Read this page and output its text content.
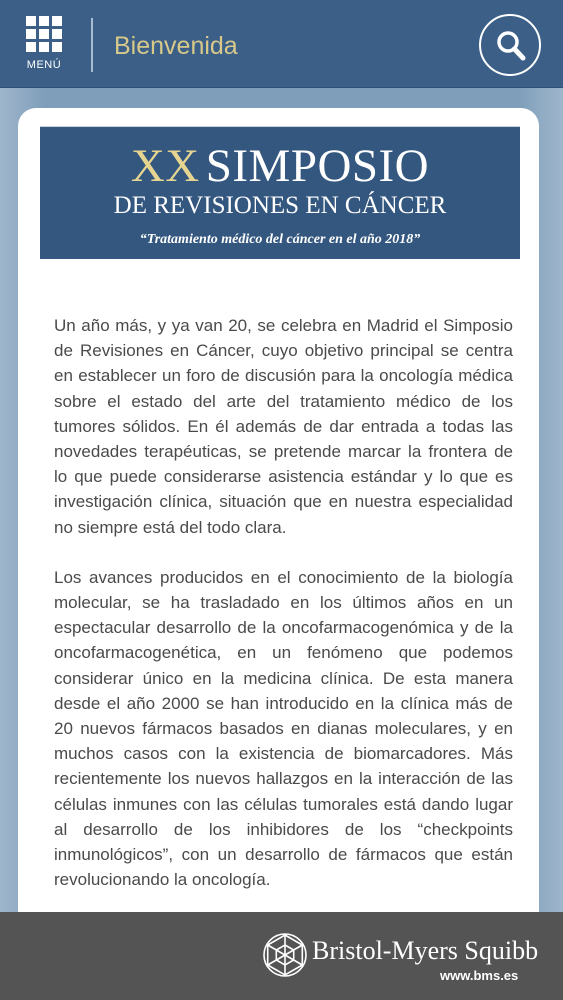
MENÚ
Bienvenida
XX SIMPOSIO
DE REVISIONES EN CÁNCER
“Tratamiento médico del cáncer en el año 2018”

Un año más, y ya van 20, se celebra en Madrid el Simposio de Revisiones en Cáncer, cuyo objetivo principal se centra en establecer un foro de discusión para la oncología médica sobre el estado del arte del tratamiento médico de los tumores sólidos. En él además de dar entrada a todas las novedades terapéuticas, se pretende marcar la frontera de lo que puede considerarse asistencia estándar y lo que es investigación clínica, situación que en nuestra especialidad no siempre está del todo clara.

Los avances producidos en el conocimiento de la biología molecular, se ha trasladado en los últimos años en un espectacular desarrollo de la oncofarmacogenómica y de la oncofarmacogenética, en un fenómeno que podemos considerar único en la medicina clínica. De esta manera desde el año 2000 se han introducido en la clínica más de 20 nuevos fármacos basados en dianas moleculares, y en muchos casos con la existencia de biomarcadores. Más recientemente los nuevos hallazgos en la interacción de las células inmunes con las células tumorales está dando lugar al desarrollo de los inhibidores de los “checkpoints inmunológicos”, con un desarrollo de fármacos que están revolucionando la oncología.

Bristol-Myers Squibb
www.bms.es
